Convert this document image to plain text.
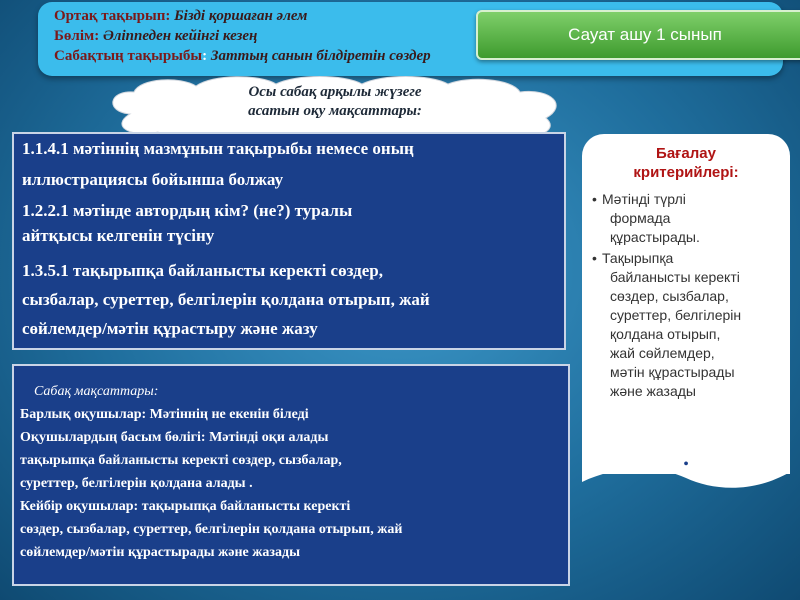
Ортақ тақырып: Бізді қоршаған әлем
Бөлім: Әліппеден кейінгі кезең
Сабақтың тақырыбы: Заттың санын білдіретін сөздер
Сауат ашу 1 сынып
Осы сабақ арқылы жүзеге
асатын оқу мақсаттары:

1.1.4.1 мәтіннің мазмұнын тақырыбы немесе оның

иллюстрациясы бойынша болжау

1.2.2.1 мәтінде автордың кім? (не?) туралы

айтқысы келгенін түсіну

1.3.5.1 тақырыпқа байланысты керекті сөздер,

сызбалар, суреттер, белгілерін қолдана отырып, жай

сөйлемдер/мәтін құрастыру және жазу

Сабақ мақсаттары:

Барлық оқушылар: Мәтіннің не екенін біледі

Оқушылардың басым бөлігі: Мәтінді оқи алады

тақырыпқа байланысты керекті сөздер, сызбалар,

суреттер, белгілерін қолдана алады .

Кейбір оқушылар: тақырыпқа байланысты керекті

сөздер, сызбалар, суреттер, белгілерін қолдана отырып, жай

сөйлемдер/мәтін құрастырады және жазады

Бағалау
критерийлері:
• Мәтінді түрлі
формада
құрастырады.
• Тақырыпқа
байланысты керекті
сөздер, сызбалар,
суреттер, белгілерін
қолдана отырып,
жай сөйлемдер,
мәтін құрастырады
және жазады
•
